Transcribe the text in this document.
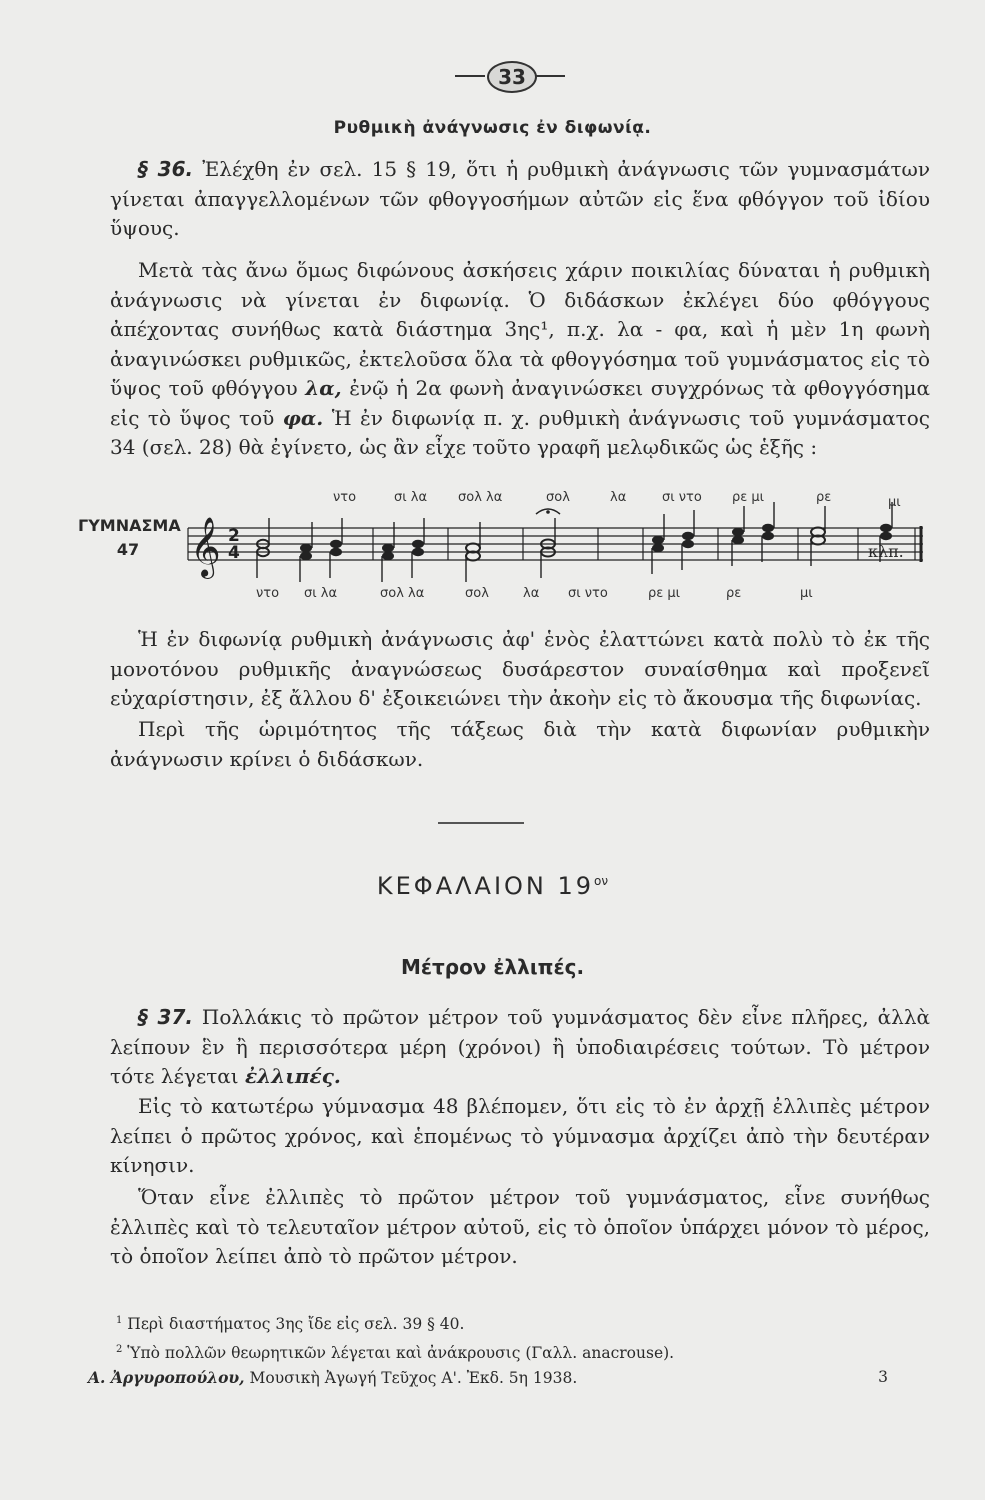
33
Ρυθμικὴ ἀνάγνωσις ἐν διφωνίᾳ.
§ 36. Ἐλέχθη ἐν σελ. 15 § 19, ὅτι ἡ ρυθμικὴ ἀνάγνωσις τῶν γυμνασμάτων γίνεται ἀπαγγελλομένων τῶν φθογγοσήμων αὐτῶν εἰς ἕνα φθόγγον τοῦ ἰδίου ὕψους.
Μετὰ τὰς ἄνω ὅμως διφώνους ἀσκήσεις χάριν ποικιλίας δύναται ἡ ρυθμικὴ ἀνάγνωσις νὰ γίνεται ἐν διφωνίᾳ. Ὁ διδάσκων ἐκλέγει δύο φθόγγους ἀπέχοντας συνήθως κατὰ διάστημα 3ης¹, π.χ. λα - φα, καὶ ἡ μὲν 1η φωνὴ ἀναγινώσκει ρυθμικῶς, ἐκτελοῦσα ὅλα τὰ φθογγόσημα τοῦ γυμνάσματος εἰς τὸ ὕψος τοῦ φθόγγου λα, ἐνῷ ἡ 2α φωνὴ ἀναγινώσκει συγχρόνως τὰ φθογγόσημα εἰς τὸ ὕψος τοῦ φα. Ἡ ἐν διφωνίᾳ π. χ. ρυθμικὴ ἀνάγνωσις τοῦ γυμνάσματος 34 (σελ. 28) θὰ ἐγίνετο, ὡς ἂν εἶχε τοῦτο γραφῆ μελῳδικῶς ὡς ἑξῆς :
ΓΥΜΝΑΣΜΑ
47 𝄞 2
4
ντο	σι λα σολ λα	σολ	λα	σι ντο ρε μι	ρε	μι
ντο σι λα	σολ λα	σολ	λα σι ντο	ρε μι	ρε	μι
κλπ.
Ἡ ἐν διφωνίᾳ ρυθμικὴ ἀνάγνωσις ἀφ' ἑνὸς ἐλαττώνει κατὰ πολὺ τὸ ἐκ τῆς μονοτόνου ρυθμικῆς ἀναγνώσεως δυσάρεστον συναίσθημα καὶ προξενεῖ εὐχαρίστησιν, ἐξ ἄλλου δ' ἐξοικειώνει τὴν ἀκοὴν εἰς τὸ ἄκουσμα τῆς διφωνίας.
Περὶ τῆς ὡριμότητος τῆς τάξεως διὰ τὴν κατὰ διφωνίαν ρυθμικὴν ἀνάγνωσιν κρίνει ὁ διδάσκων.
ΚΕΦΑΛΑΙΟΝ $19^{o\nu}$
Μέτρον ἐλλιπές.
§ 37. Πολλάκις τὸ πρῶτον μέτρον τοῦ γυμνάσματος δὲν εἶνε πλῆρες, ἀλλὰ λείπουν ἓν ἢ περισσότερα μέρη (χρόνοι) ἢ ὑποδιαιρέσεις τούτων. Τὸ μέτρον τότε λέγεται ἐλλιπές.
Εἰς τὸ κατωτέρω γύμνασμα 48 βλέπομεν, ὅτι εἰς τὸ ἐν ἀρχῇ ἐλλιπὲς μέτρον λείπει ὁ πρῶτος χρόνος, καὶ ἑπομένως τὸ γύμνασμα ἀρχίζει ἀπὸ τὴν δευτέραν κίνησιν.
Ὅταν εἶνε ἐλλιπὲς τὸ πρῶτον μέτρον τοῦ γυμνάσματος, εἶνε συνήθως ἐλλιπὲς καὶ τὸ τελευταῖον μέτρον αὐτοῦ, εἰς τὸ ὁποῖον ὑπάρχει μόνον τὸ μέρος, τὸ ὁποῖον λείπει ἀπὸ τὸ πρῶτον μέτρον.
$^1$ Περὶ διαστήματος 3ης ἴδε εἰς σελ. 39 § 40.
$^2$ Ὑπὸ πολλῶν θεωρητικῶν λέγεται καὶ ἀνάκρουσις (Γαλλ. anacrouse).
Α. Ἀργυροπούλου, Μουσικὴ Ἀγωγή Τεῦχος Α'. Ἐκδ. 5η 1938.	3
